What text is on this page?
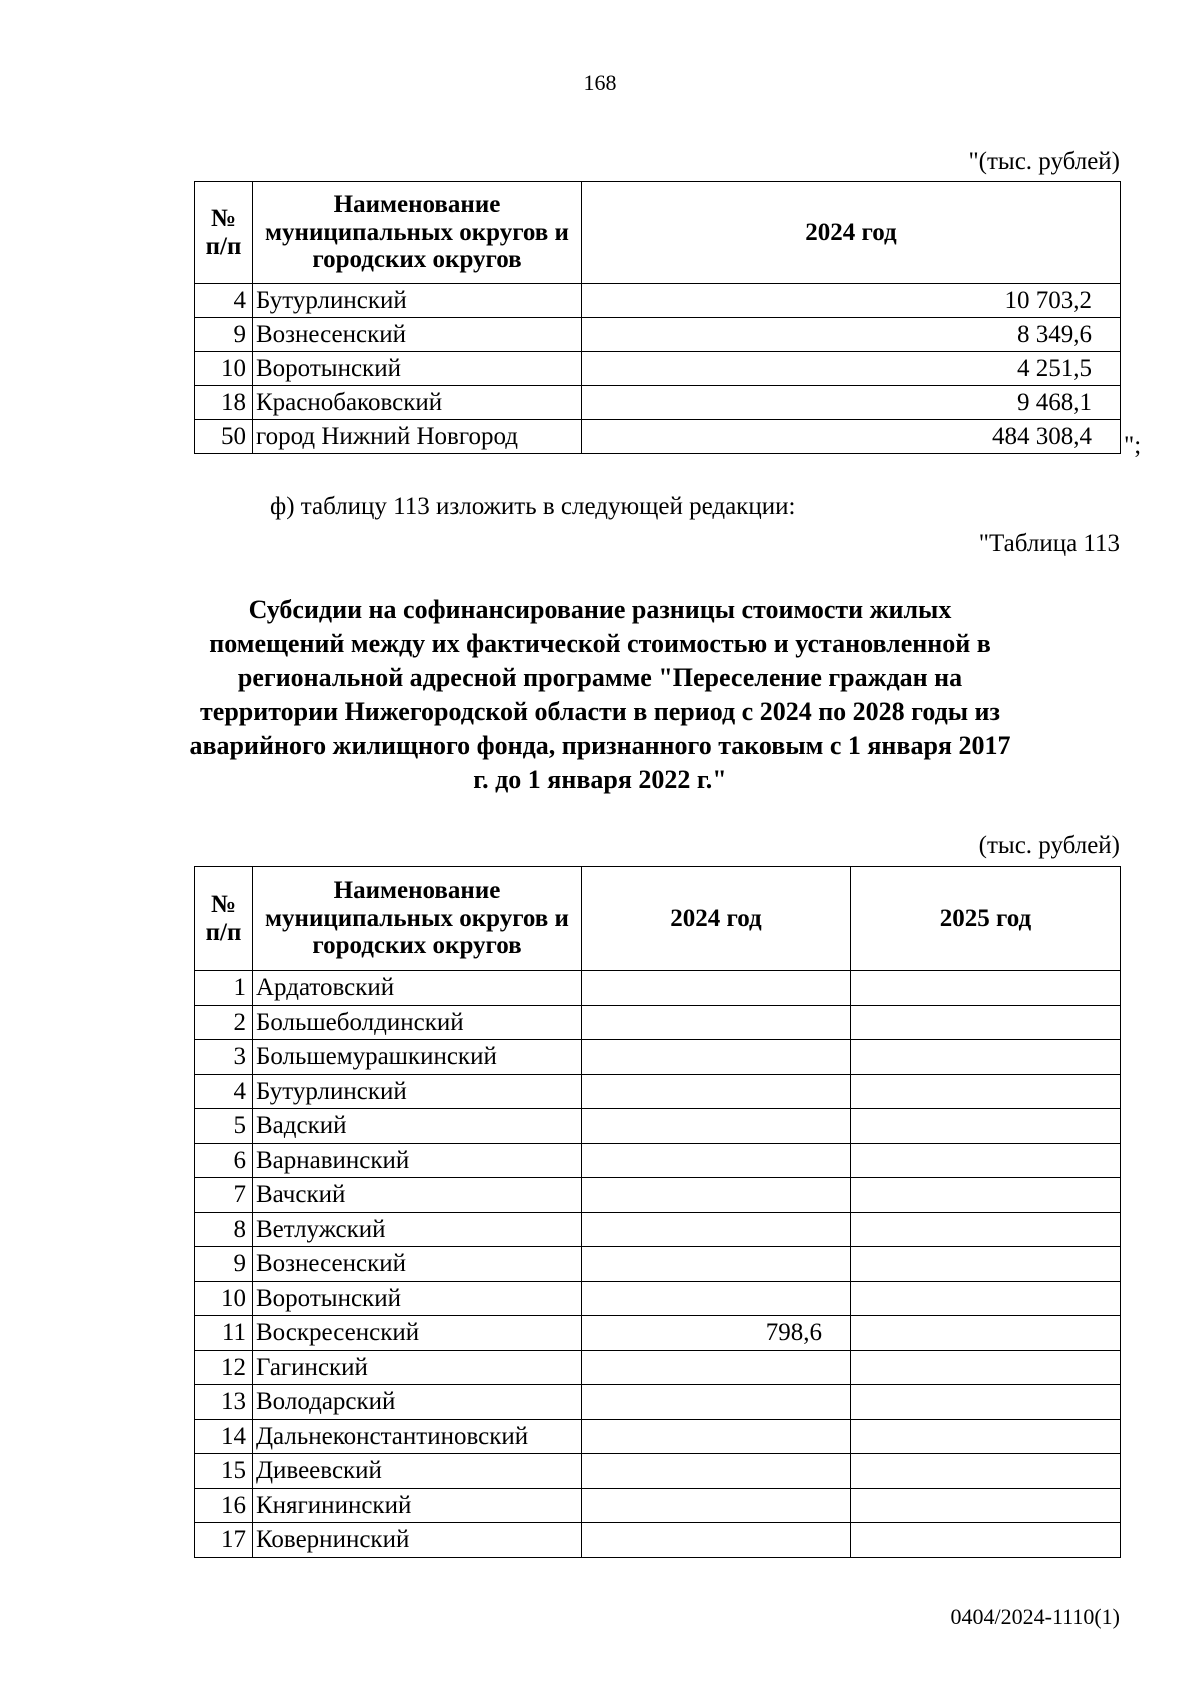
168
"(тыс. рублей)
№ п/п	Наименование муниципальных округов и городских округов	2024 год
4	Бутурлинский	10 703,2
9	Вознесенский	8 349,6
10	Воротынский	4 251,5
18	Краснобаковский	9 468,1
50	город Нижний Новгород	484 308,4 ";
ф) таблицу 113 изложить в следующей редакции:
"Таблица 113
Субсидии на софинансирование разницы стоимости жилых помещений между их фактической стоимостью и установленной в региональной адресной программе "Переселение граждан на территории Нижегородской области в период с 2024 по 2028 годы из аварийного жилищного фонда, признанного таковым с 1 января 2017 г. до 1 января 2022 г."
(тыс. рублей)
№ п/п	Наименование муниципальных округов и городских округов	2024 год	2025 год
1	Ардатовский		
2	Большеболдинский		
3	Большемурашкинский		
4	Бутурлинский		
5	Вадский		
6	Варнавинский		
7	Вачский		
8	Ветлужский		
9	Вознесенский		
10	Воротынский		
11	Воскресенский	798,6	
12	Гагинский		
13	Володарский		
14	Дальнеконстантиновский		
15	Дивеевский		
16	Княгининский		
17	Ковернинский		
0404/2024-1110(1)
